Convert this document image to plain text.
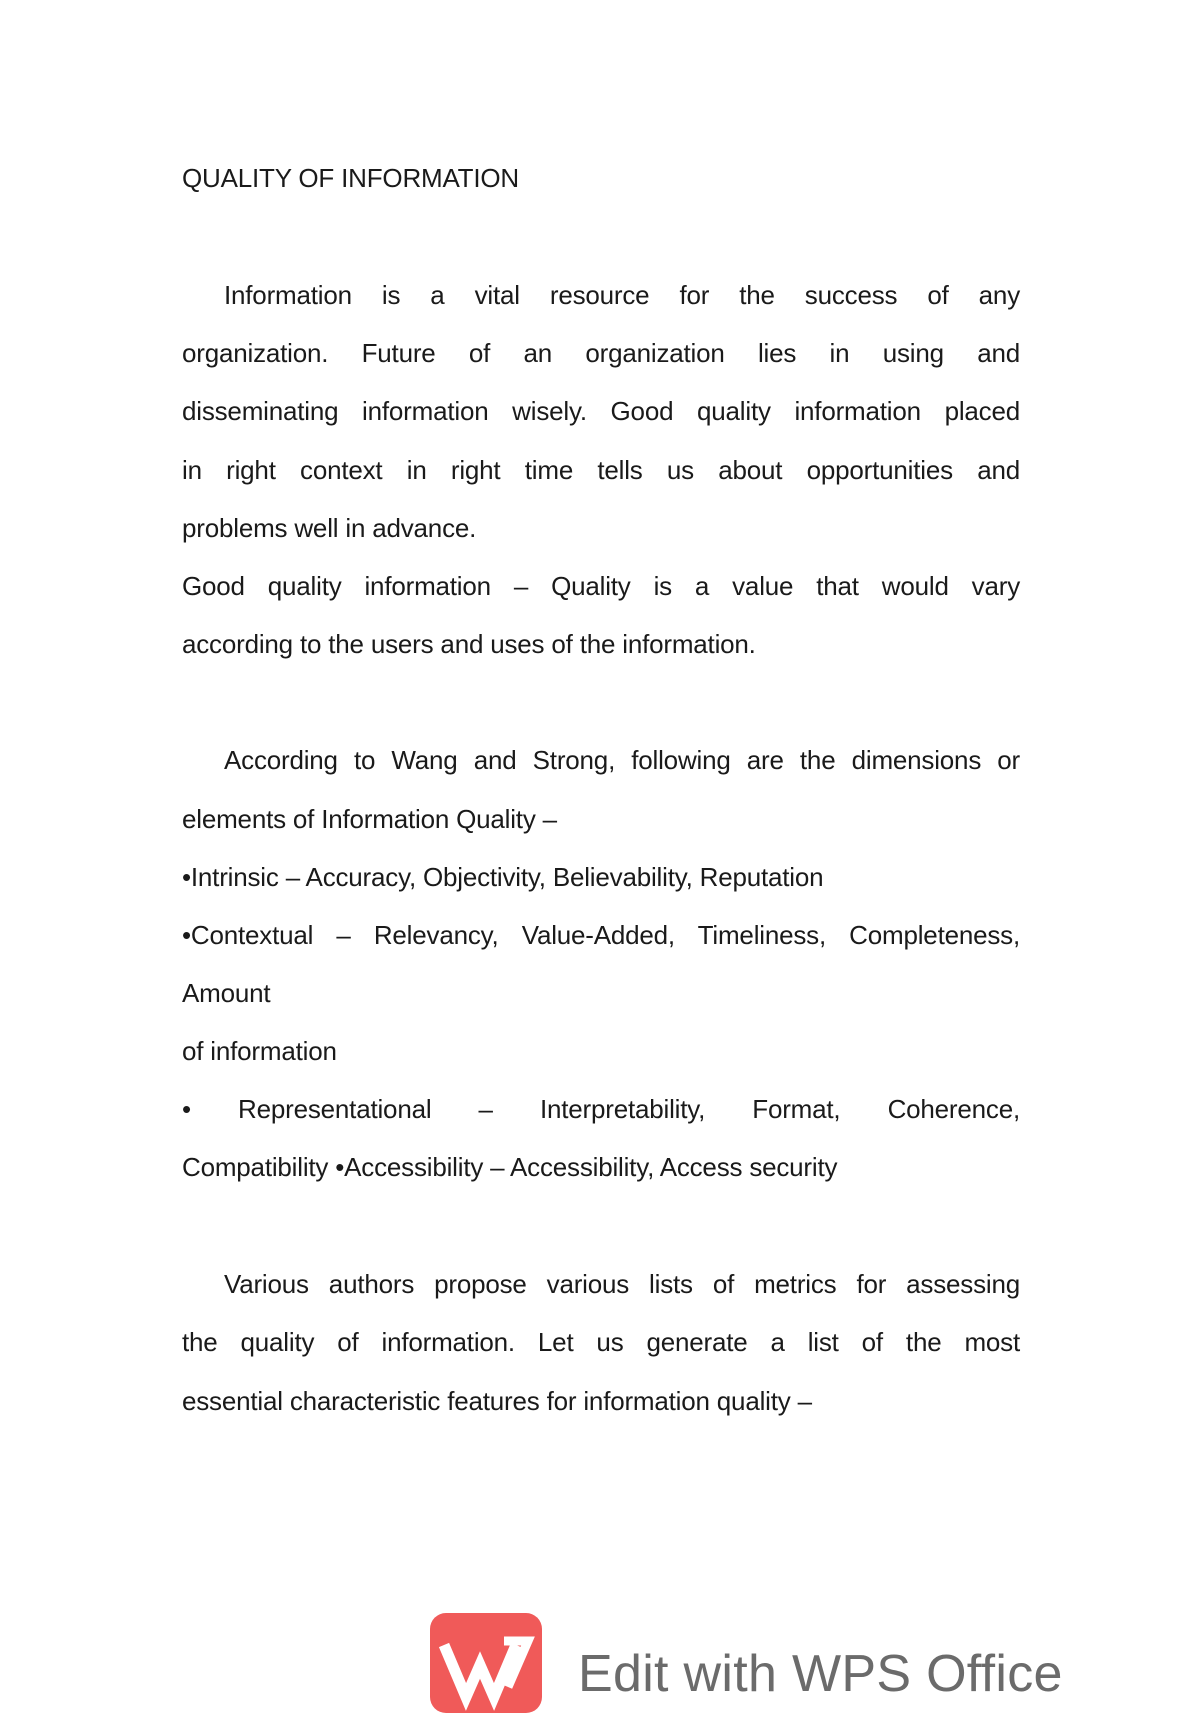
QUALITY OF INFORMATION
Information is a vital resource for the success of any
organization. Future of an organization lies in using and
disseminating information wisely. Good quality information placed
in right context in right time tells us about opportunities and
problems well in advance.
Good quality information – Quality is a value that would vary
according to the users and uses of the information.
According to Wang and Strong, following are the dimensions or
elements of Information Quality –
•Intrinsic – Accuracy, Objectivity, Believability, Reputation
•Contextual – Relevancy, Value-Added, Timeliness, Completeness,
Amount
of information
• Representational – Interpretability, Format, Coherence,
Compatibility •Accessibility – Accessibility, Access security
Various authors propose various lists of metrics for assessing
the quality of information. Let us generate a list of the most
essential characteristic features for information quality –
Edit with WPS Office
